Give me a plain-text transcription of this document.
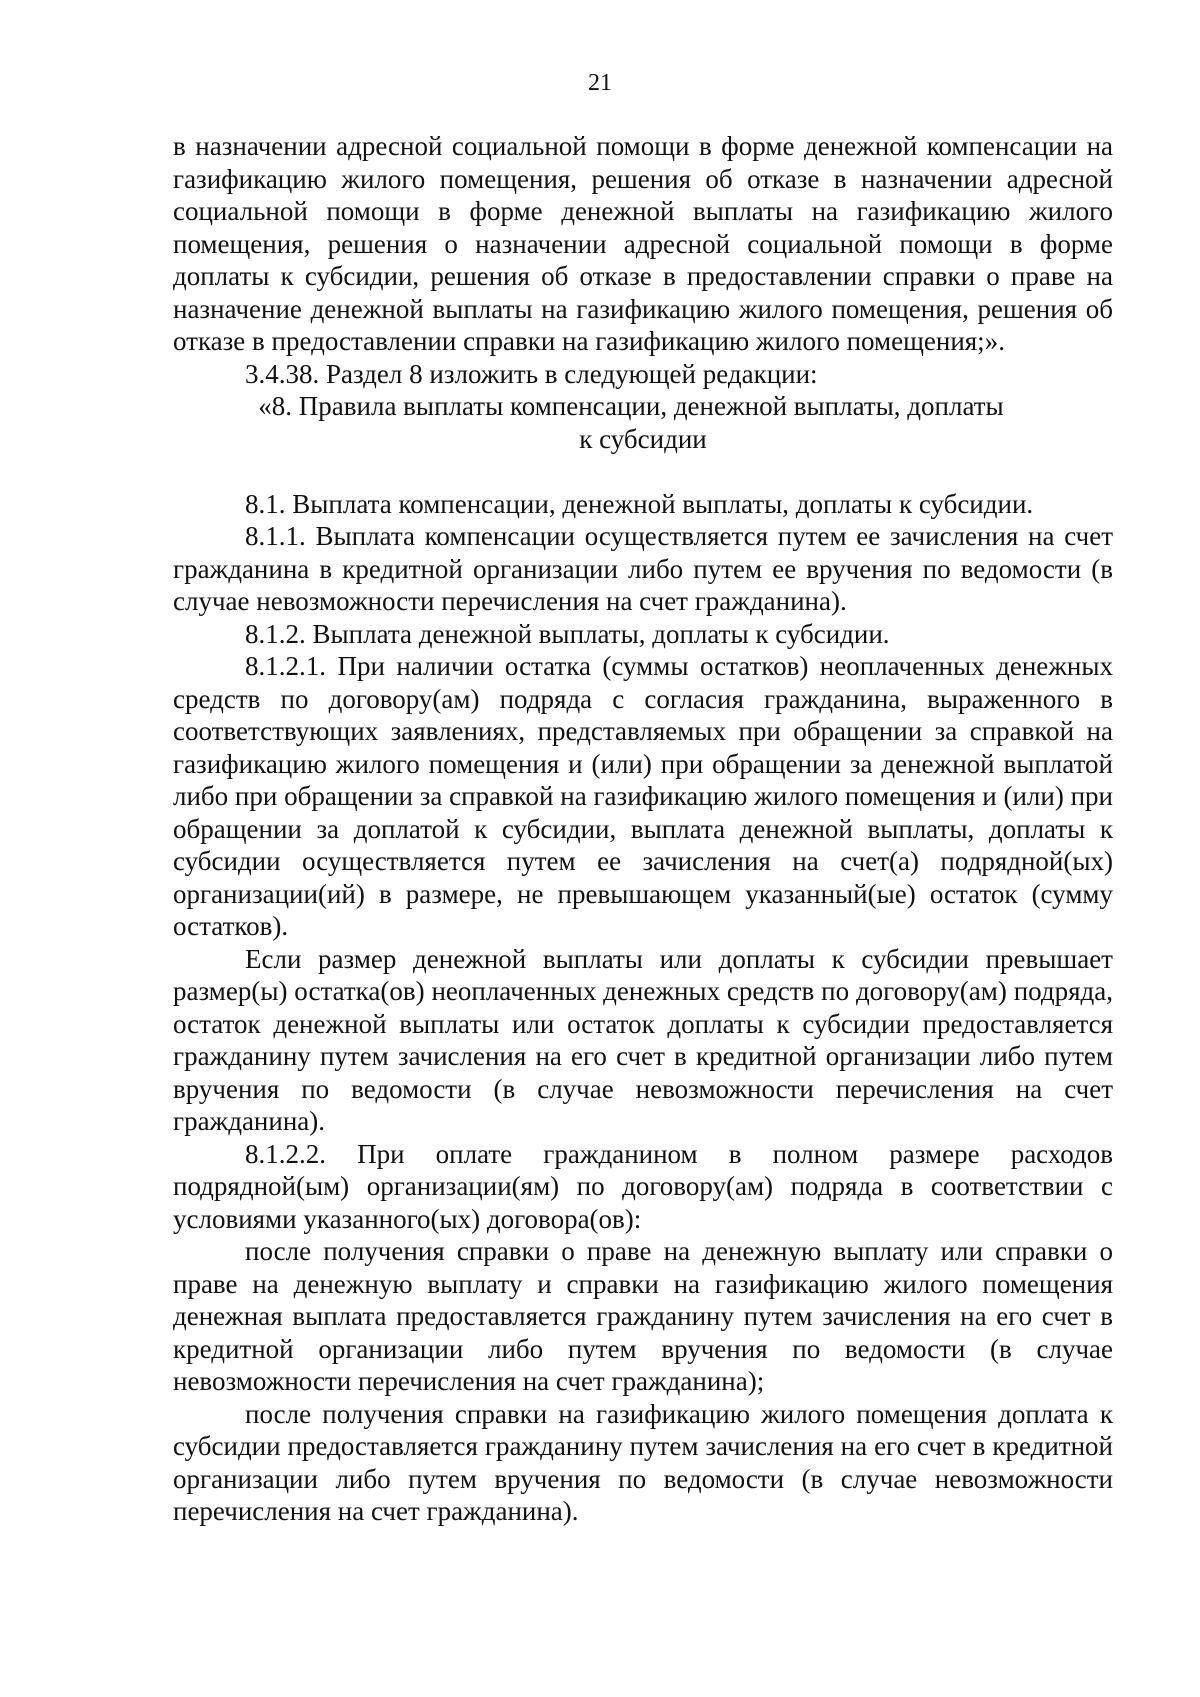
21

в назначении адресной социальной помощи в форме денежной компенсации на газификацию жилого помещения, решения об отказе в назначении адресной социальной помощи в форме денежной выплаты на газификацию жилого помещения, решения о назначении адресной социальной помощи в форме доплаты к субсидии, решения об отказе в предоставлении справки о праве на назначение денежной выплаты на газификацию жилого помещения, решения об отказе в предоставлении справки на газификацию жилого помещения;».

3.4.38. Раздел 8 изложить в следующей редакции:

«8. Правила выплаты компенсации, денежной выплаты, доплаты
к субсидии

8.1. Выплата компенсации, денежной выплаты, доплаты к субсидии.

8.1.1. Выплата компенсации осуществляется путем ее зачисления на счет гражданина в кредитной организации либо путем ее вручения по ведомости (в случае невозможности перечисления на счет гражданина).

8.1.2. Выплата денежной выплаты, доплаты к субсидии.

8.1.2.1. При наличии остатка (суммы остатков) неоплаченных денежных средств по договору(ам) подряда с согласия гражданина, выраженного в соответствующих заявлениях, представляемых при обращении за справкой на газификацию жилого помещения и (или) при обращении за денежной выплатой либо при обращении за справкой на газификацию жилого помещения и (или) при обращении за доплатой к субсидии, выплата денежной выплаты, доплаты к субсидии осуществляется путем ее зачисления на счет(а) подрядной(ых) организации(ий) в размере, не превышающем указанный(ые) остаток (сумму остатков).

Если размер денежной выплаты или доплаты к субсидии превышает размер(ы) остатка(ов) неоплаченных денежных средств по договору(ам) подряда, остаток денежной выплаты или остаток доплаты к субсидии предоставляется гражданину путем зачисления на его счет в кредитной организации либо путем вручения по ведомости (в случае невозможности перечисления на счет гражданина).

8.1.2.2. При оплате гражданином в полном размере расходов подрядной(ым) организации(ям) по договору(ам) подряда в соответствии с условиями указанного(ых) договора(ов):

после получения справки о праве на денежную выплату или справки о праве на денежную выплату и справки на газификацию жилого помещения денежная выплата предоставляется гражданину путем зачисления на его счет в кредитной организации либо путем вручения по ведомости (в случае невозможности перечисления на счет гражданина);

после получения справки на газификацию жилого помещения доплата к субсидии предоставляется гражданину путем зачисления на его счет в кредитной организации либо путем вручения по ведомости (в случае невозможности перечисления на счет гражданина).
